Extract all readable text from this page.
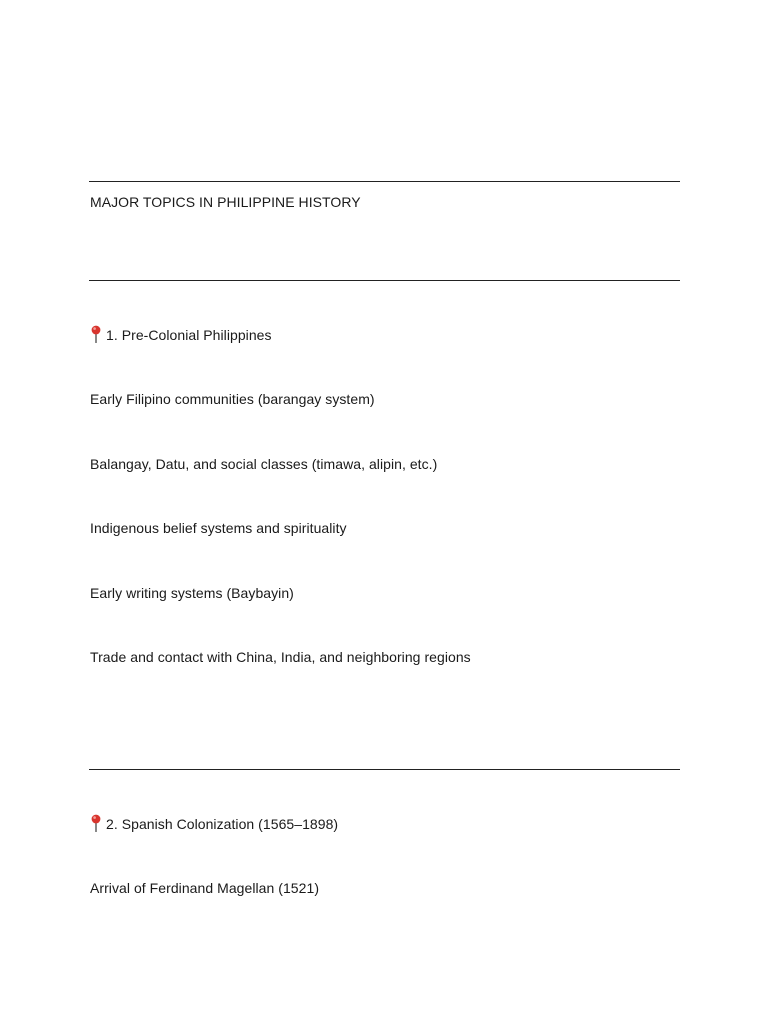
MAJOR TOPICS IN PHILIPPINE HISTORY
1. Pre-Colonial Philippines
Early Filipino communities (barangay system)
Balangay, Datu, and social classes (timawa, alipin, etc.)
Indigenous belief systems and spirituality
Early writing systems (Baybayin)
Trade and contact with China, India, and neighboring regions
2. Spanish Colonization (1565–1898)
Arrival of Ferdinand Magellan (1521)
